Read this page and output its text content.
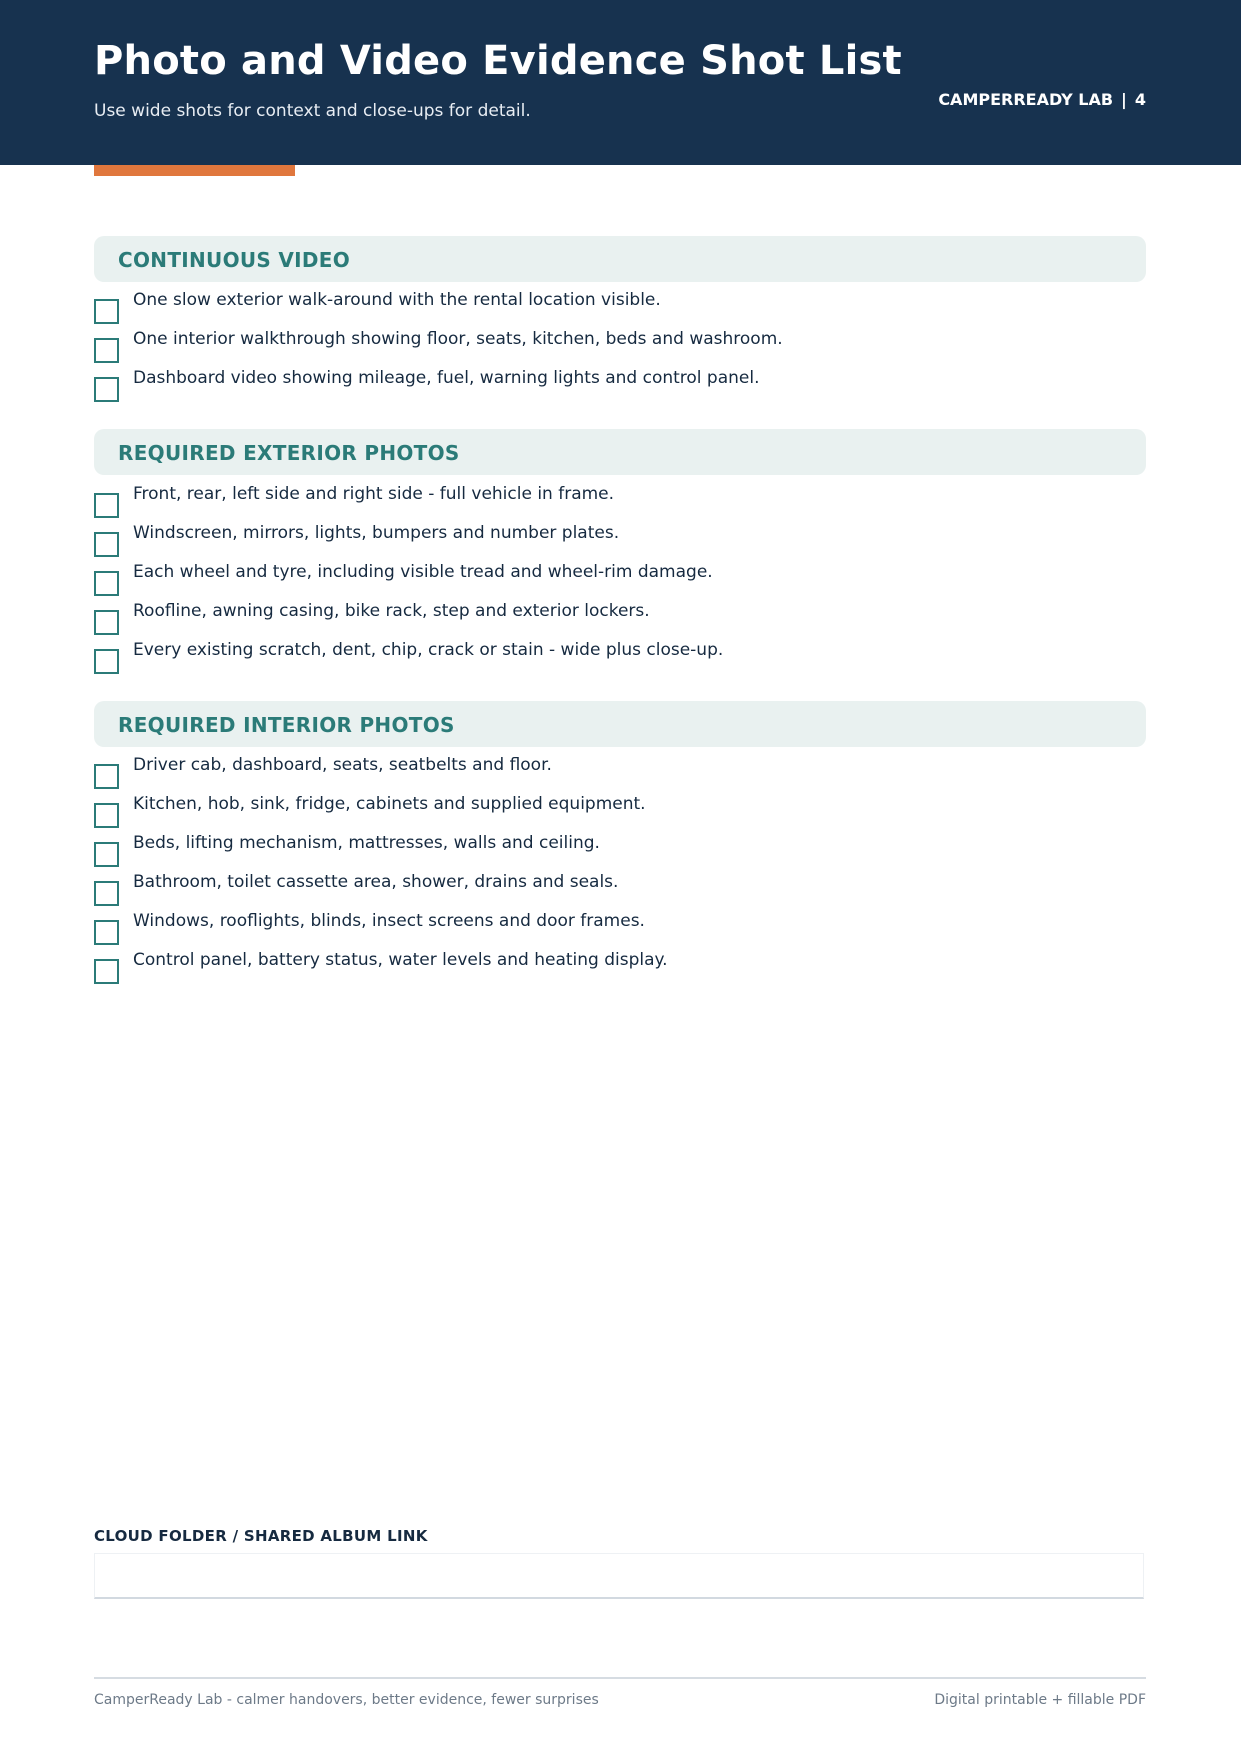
Photo and Video Evidence Shot List
Use wide shots for context and close-ups for detail.
CAMPERREADY LAB | 4
CONTINUOUS VIDEO
One slow exterior walk-around with the rental location visible.
One interior walkthrough showing floor, seats, kitchen, beds and washroom.
Dashboard video showing mileage, fuel, warning lights and control panel.
REQUIRED EXTERIOR PHOTOS
Front, rear, left side and right side - full vehicle in frame.
Windscreen, mirrors, lights, bumpers and number plates.
Each wheel and tyre, including visible tread and wheel-rim damage.
Roofline, awning casing, bike rack, step and exterior lockers.
Every existing scratch, dent, chip, crack or stain - wide plus close-up.
REQUIRED INTERIOR PHOTOS
Driver cab, dashboard, seats, seatbelts and floor.
Kitchen, hob, sink, fridge, cabinets and supplied equipment.
Beds, lifting mechanism, mattresses, walls and ceiling.
Bathroom, toilet cassette area, shower, drains and seals.
Windows, rooflights, blinds, insect screens and door frames.
Control panel, battery status, water levels and heating display.
CLOUD FOLDER / SHARED ALBUM LINK
CamperReady Lab - calmer handovers, better evidence, fewer surprises	Digital printable + fillable PDF
